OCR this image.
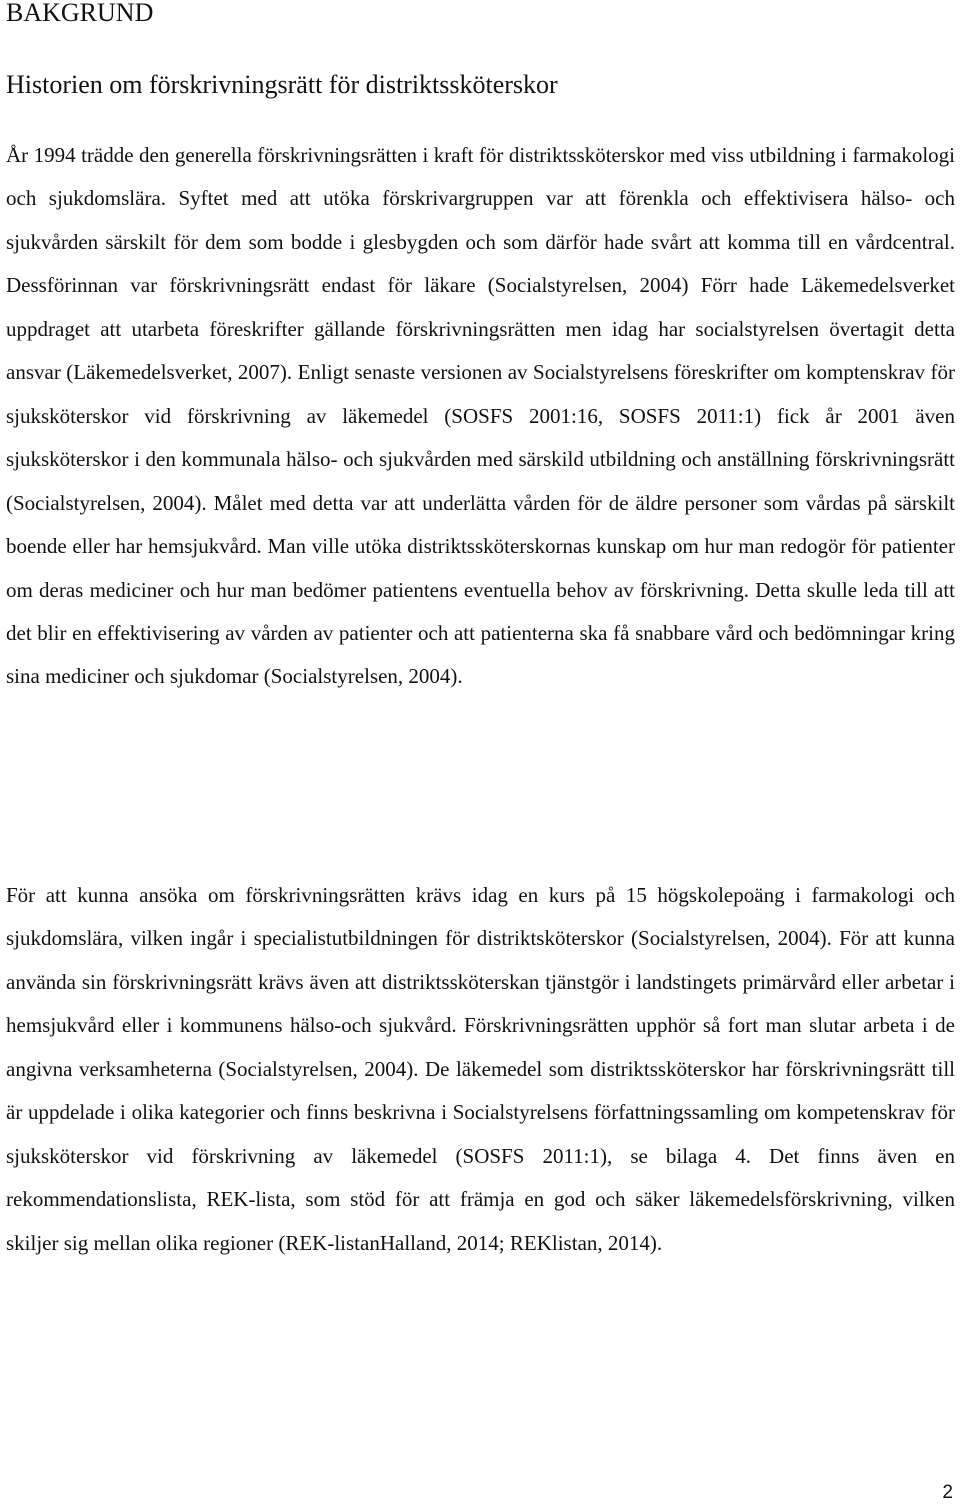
BAKGRUND
Historien om förskrivningsrätt för distriktssköterskor

År 1994 trädde den generella förskrivningsrätten i kraft för distriktssköterskor med viss utbildning i farmakologi och sjukdomslära. Syftet med att utöka förskrivargruppen var att förenkla och effektivisera hälso- och sjukvården särskilt för dem som bodde i glesbygden och som därför hade svårt att komma till en vårdcentral. Dessförinnan var förskrivningsrätt endast för läkare (Socialstyrelsen, 2004) Förr hade Läkemedelsverket uppdraget att utarbeta föreskrifter gällande förskrivningsrätten men idag har socialstyrelsen övertagit detta ansvar (Läkemedelsverket, 2007). Enligt senaste versionen av Socialstyrelsens föreskrifter om komptenskrav för sjuksköterskor vid förskrivning av läkemedel (SOSFS 2001:16, SOSFS 2011:1) fick år 2001 även sjuksköterskor i den kommunala hälso- och sjukvården med särskild utbildning och anställning förskrivningsrätt (Socialstyrelsen, 2004). Målet med detta var att underlätta vården för de äldre personer som vårdas på särskilt boende eller har hemsjukvård. Man ville utöka distriktssköterskornas kunskap om hur man redogör för patienter om deras mediciner och hur man bedömer patientens eventuella behov av förskrivning. Detta skulle leda till att det blir en effektivisering av vården av patienter och att patienterna ska få snabbare vård och bedömningar kring sina mediciner och sjukdomar (Socialstyrelsen, 2004).

För att kunna ansöka om förskrivningsrätten krävs idag en kurs på 15 högskolepoäng i farmakologi och sjukdomslära, vilken ingår i specialistutbildningen för distriktsköterskor (Socialstyrelsen, 2004). För att kunna använda sin förskrivningsrätt krävs även att distriktssköterskan tjänstgör i landstingets primärvård eller arbetar i hemsjukvård eller i kommunens hälso-och sjukvård. Förskrivningsrätten upphör så fort man slutar arbeta i de angivna verksamheterna (Socialstyrelsen, 2004). De läkemedel som distriktssköterskor har förskrivningsrätt till är uppdelade i olika kategorier och finns beskrivna i Socialstyrelsens författningssamling om kompetenskrav för sjuksköterskor vid förskrivning av läkemedel (SOSFS 2011:1), se bilaga 4. Det finns även en rekommendationslista, REK-lista, som stöd för att främja en god och säker läkemedelsförskrivning, vilken skiljer sig mellan olika regioner (REK-listanHalland, 2014; REKlistan, 2014).

2
